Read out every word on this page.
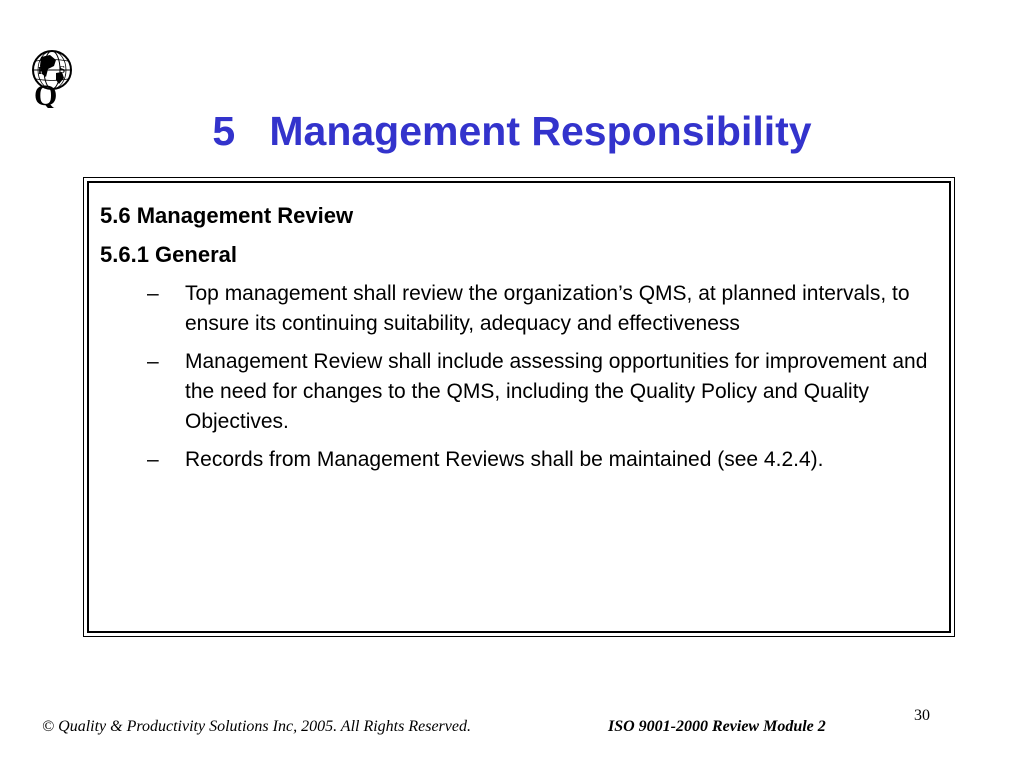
P S
Q
5   Management Responsibility

5.6 Management Review

5.6.1 General

– Top management shall review the organization’s QMS, at planned intervals, to ensure its continuing suitability, adequacy and effectiveness
– Management Review shall include assessing opportunities for improvement and the need for changes to the QMS, including the Quality Policy and Quality Objectives.
– Records from Management Reviews shall be maintained (see 4.2.4).
© Quality & Productivity Solutions Inc, 2005. All Rights Reserved.	ISO 9001-2000 Review Module 2
30
